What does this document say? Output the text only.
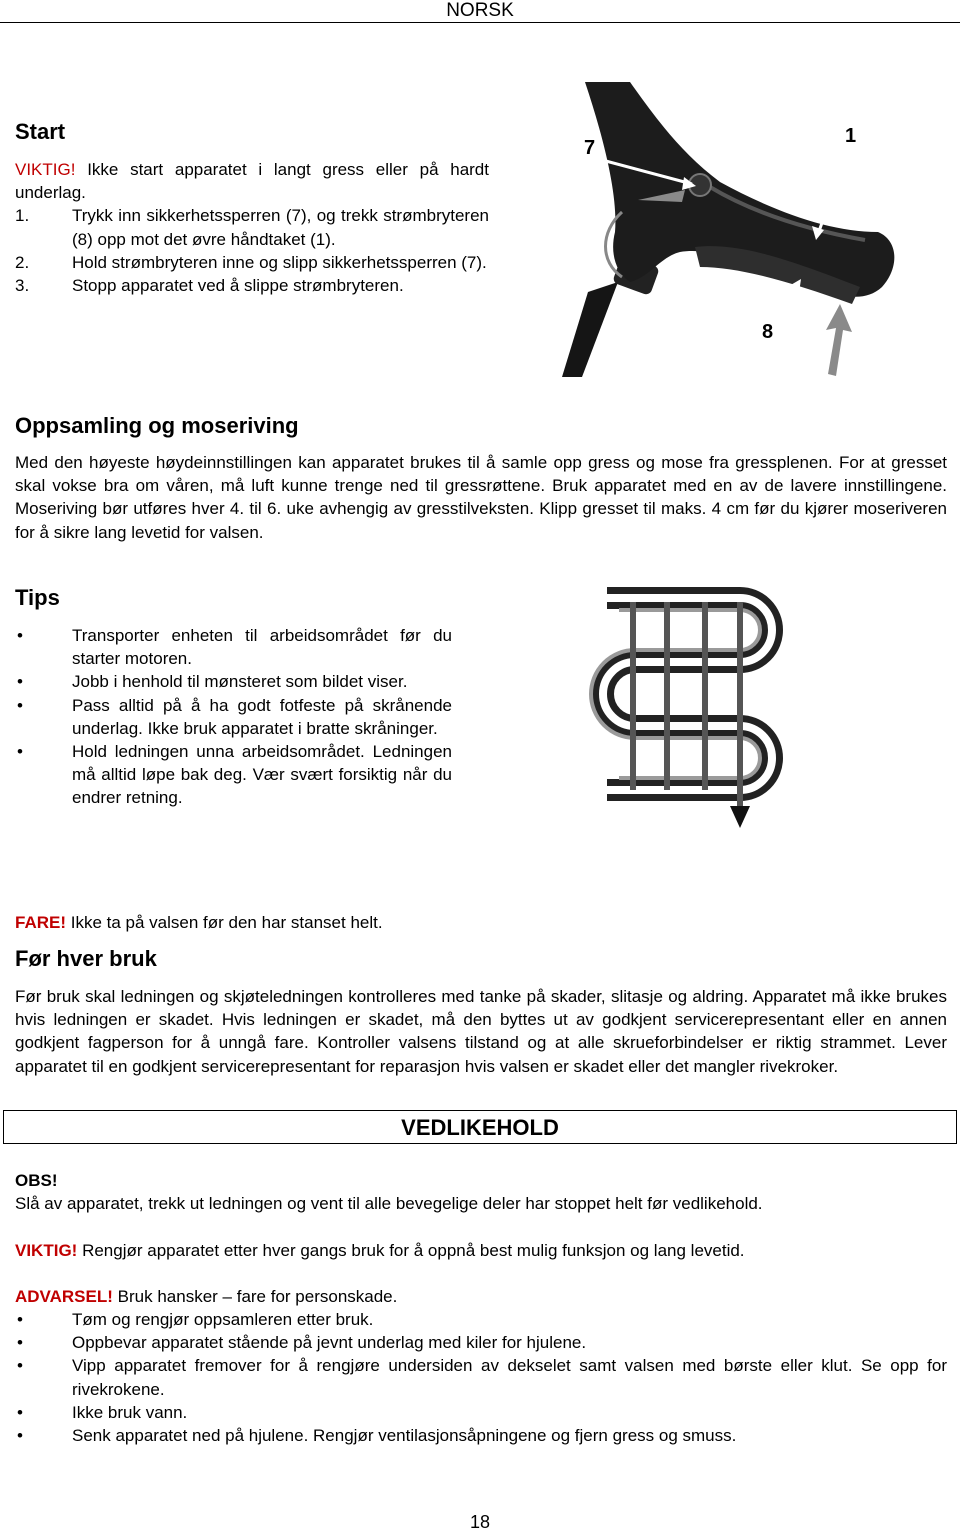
NORSK
Start

VIKTIG! Ikke start apparatet i langt gress eller på hardt underlag.

1.	Trykk inn sikkerhetssperren (7), og trekk strømbryteren (8) opp mot det øvre håndtaket (1).
2.	Hold strømbryteren inne og slipp sikkerhetssperren (7).
3.	Stopp apparatet ved å slippe strømbryteren.
7
1
8
Oppsamling og moseriving

Med den høyeste høydeinnstillingen kan apparatet brukes til å samle opp gress og mose fra gressplenen. For at gresset skal vokse bra om våren, må luft kunne trenge ned til gressrøttene. Bruk apparatet med en av de lavere innstillingene. Moseriving bør utføres hver 4. til 6. uke avhengig av gresstilveksten. Klipp gresset til maks. 4 cm før du kjører moseriveren for å sikre lang levetid for valsen.

Tips
• Transporter enheten til arbeidsområdet før du starter motoren.
• Jobb i henhold til mønsteret som bildet viser.
• Pass alltid på å ha godt fotfeste på skrånende underlag. Ikke bruk apparatet i bratte skråninger.
• Hold ledningen unna arbeidsområdet. Ledningen må alltid løpe bak deg. Vær svært forsiktig når du endrer retning.

FARE! Ikke ta på valsen før den har stanset helt.

Før hver bruk

Før bruk skal ledningen og skjøteledningen kontrolleres med tanke på skader, slitasje og aldring. Apparatet må ikke brukes hvis ledningen er skadet. Hvis ledningen er skadet, må den byttes ut av godkjent servicerepresentant eller en annen godkjent fagperson for å unngå fare. Kontroller valsens tilstand og at alle skrueforbindelser er riktig strammet. Lever apparatet til en godkjent servicerepresentant for reparasjon hvis valsen er skadet eller det mangler rivekroker.

VEDLIKEHOLD

OBS!

Slå av apparatet, trekk ut ledningen og vent til alle bevegelige deler har stoppet helt før vedlikehold.

VIKTIG! Rengjør apparatet etter hver gangs bruk for å oppnå best mulig funksjon og lang levetid.

ADVARSEL! Bruk hansker – fare for personskade.

• Tøm og rengjør oppsamleren etter bruk.
• Oppbevar apparatet stående på jevnt underlag med kiler for hjulene.
• Vipp apparatet fremover for å rengjøre undersiden av dekselet samt valsen med børste eller klut. Se opp for rivekrokene.
• Ikke bruk vann.
• Senk apparatet ned på hjulene. Rengjør ventilasjonsåpningene og fjern gress og smuss.
18
